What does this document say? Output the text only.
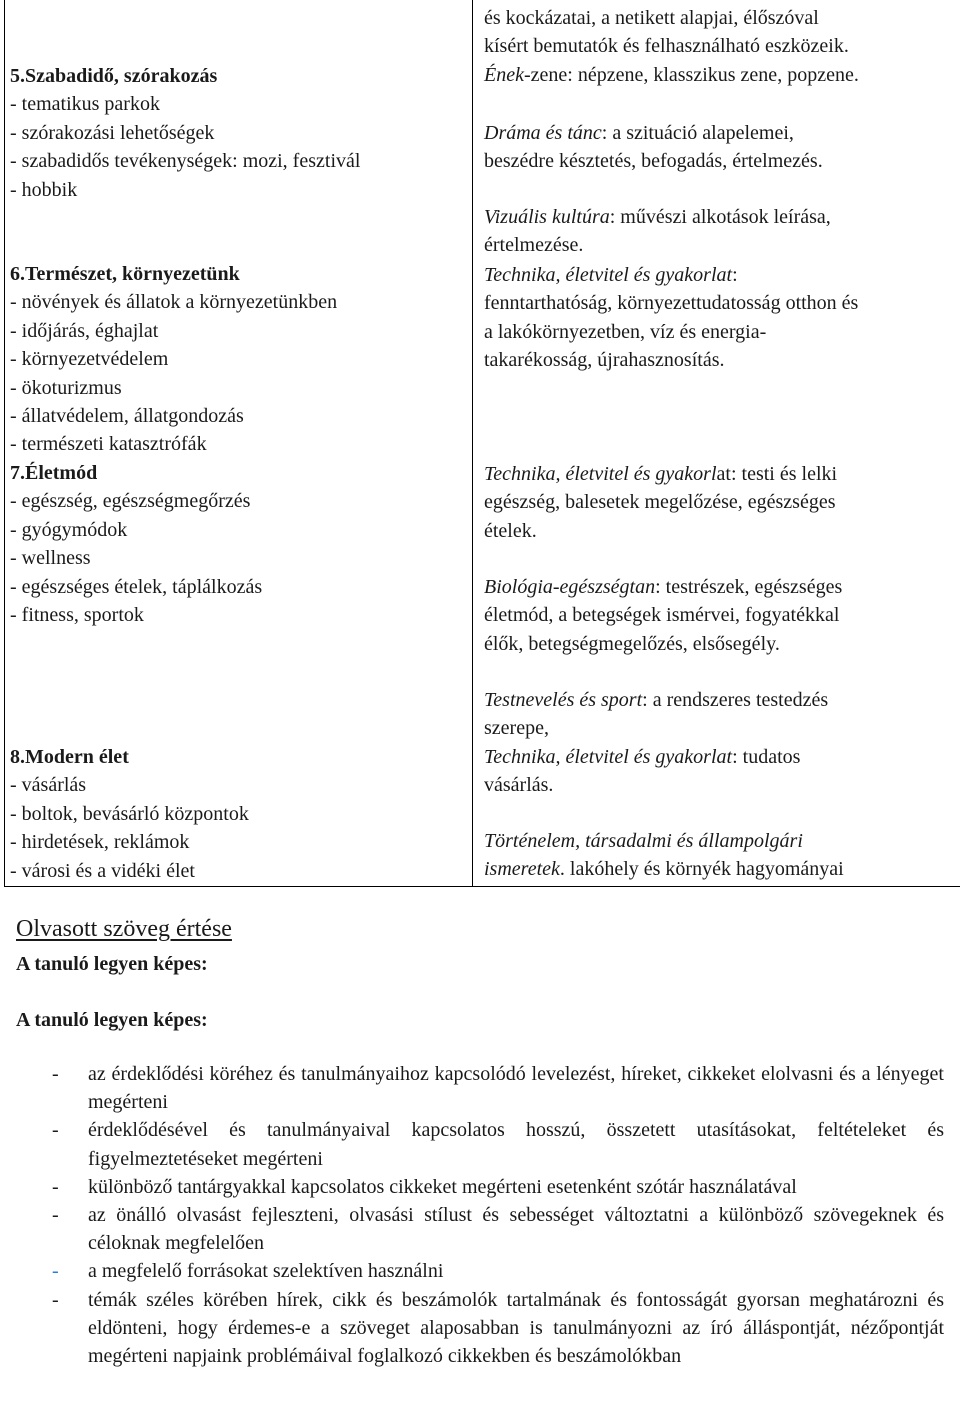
5.Szabadidő, szórakozás
- tematikus parkok
- szórakozási lehetőségek
- szabadidős tevékenységek: mozi, fesztivál
- hobbik
6.Természet, környezetünk
- növények és állatok a környezetünkben
- időjárás, éghajlat
- környezetvédelem
- ökoturizmus
- állatvédelem, állatgondozás
- természeti katasztrófák
7.Életmód
- egészség, egészségmegőrzés
- gyógymódok
- wellness
- egészséges ételek, táplálkozás
- fitness, sportok
8.Modern élet
- vásárlás
- boltok, bevásárló központok
- hirdetések, reklámok
- városi és a vidéki élet
és kockázatai, a netikett alapjai, élőszóval
kísért bemutatók és felhasználható eszközeik.
Ének-zene: népzene, klasszikus zene, popzene.
Dráma és tánc: a szituáció alapelemei,
beszédre késztetés, befogadás, értelmezés.
Vizuális kultúra: művészi alkotások leírása,
értelmezése.
Technika, életvitel és gyakorlat:
fenntarthatóság, környezettudatosság otthon és
a lakókörnyezetben, víz és energia-
takarékosság, újrahasznosítás.
Technika, életvitel és gyakorlat: testi és lelki
egészség, balesetek megelőzése, egészséges
ételek.
Biológia-egészségtan: testrészek, egészséges
életmód, a betegségek ismérvei, fogyatékkal
élők, betegségmegelőzés, elsősegély.
Testnevelés és sport: a rendszeres testedzés
szerepe,
Technika, életvitel és gyakorlat: tudatos
vásárlás.
Történelem, társadalmi és állampolgári
ismeretek. lakóhely és környék hagyományai
Olvasott szöveg értése
A tanuló legyen képes:
A tanuló legyen képes:
- az érdeklődési köréhez és tanulmányaihoz kapcsolódó levelezést, híreket, cikkeket elolvasni és a lényeget megérteni
- érdeklődésével és tanulmányaival kapcsolatos hosszú, összetett utasításokat, feltételeket és figyelmeztetéseket megérteni
- különböző tantárgyakkal kapcsolatos cikkeket megérteni esetenként szótár használatával
- az önálló olvasást fejleszteni, olvasási stílust és sebességet változtatni a különböző szövegeknek és céloknak megfelelően
- a megfelelő forrásokat szelektíven használni
- témák széles körében hírek, cikk és beszámolók tartalmának és fontosságát gyorsan meghatározni és eldönteni, hogy érdemes-e a szöveget alaposabban is tanulmányozni az író álláspontját, nézőpontját megérteni napjaink problémáival foglalkozó cikkekben és beszámolókban
